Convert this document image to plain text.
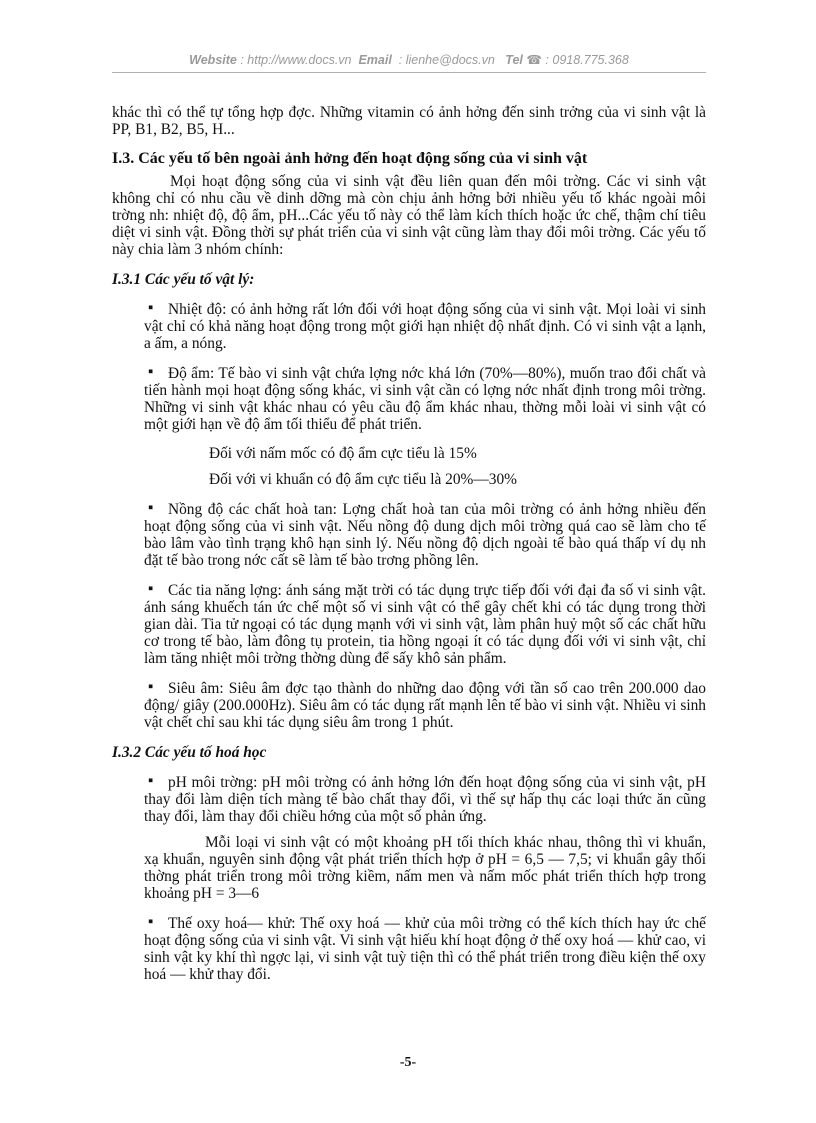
Website : http://www.docs.vn Email : lienhe@docs.vn Tel ☎ : 0918.775.368

khác thì có thể tự tổng hợp đợc. Những vitamin có ảnh hởng đến sinh trởng của vi sinh vật là PP, B1, B2, B5, H...

I.3. Các yếu tố bên ngoài ảnh hởng đến hoạt động sống của vi sinh vật

Mọi hoạt động sống của vi sinh vật đều liên quan đến môi trờng. Các vi sinh vật không chỉ có nhu cầu về dinh dỡng mà còn chịu ảnh hởng bởi nhiều yếu tố khác ngoài môi trờng nh: nhiệt độ, độ ẩm, pH...Các yếu tố này có thể làm kích thích hoặc ức chế, thậm chí tiêu diệt vi sinh vật. Đồng thời sự phát triển của vi sinh vật cũng làm thay đổi môi trờng. Các yếu tố này chia làm 3 nhóm chính:

I.3.1 Các yếu tố vật lý:

▪ Nhiệt độ: có ảnh hởng rất lớn đối với hoạt động sống của vi sinh vật. Mọi loài vi sinh vật chỉ có khả năng hoạt động trong một giới hạn nhiệt độ nhất định. Có vi sinh vật a lạnh, a ấm, a nóng.
▪ Độ ẩm: Tế bào vi sinh vật chứa lợng nớc khá lớn (70%—80%), muốn trao đổi chất và tiến hành mọi hoạt động sống khác, vi sinh vật cần có lợng nớc nhất định trong môi trờng. Những vi sinh vật khác nhau có yêu cầu độ ẩm khác nhau, thờng mỗi loài vi sinh vật có một giới hạn về độ ẩm tối thiểu để phát triển.

Đối với nấm mốc có độ ẩm cực tiểu là 15%

Đối với vi khuẩn có độ ẩm cực tiểu là 20%—30%

▪ Nồng độ các chất hoà tan: Lợng chất hoà tan của môi trờng có ảnh hởng nhiều đến hoạt động sống của vi sinh vật. Nếu nồng độ dung dịch môi trờng quá cao sẽ làm cho tế bào lâm vào tình trạng khô hạn sinh lý. Nếu nồng độ dịch ngoài tế bào quá thấp ví dụ nh đặt tế bào trong nớc cất sẽ làm tế bào trơng phồng lên.
▪ Các tia năng lợng: ánh sáng mặt trời có tác dụng trực tiếp đối với đại đa số vi sinh vật. ánh sáng khuếch tán ức chế một số vi sinh vật có thể gây chết khi có tác dụng trong thời gian dài. Tia tử ngoại có tác dụng mạnh với vi sinh vật, làm phân huỷ một số các chất hữu cơ trong tế bào, làm đông tụ protein, tia hồng ngoại ít có tác dụng đối với vi sinh vật, chỉ làm tăng nhiệt môi trờng thờng dùng để sấy khô sản phẩm.
▪ Siêu âm: Siêu âm đợc tạo thành do những dao động với tần số cao trên 200.000 dao động/ giây (200.000Hz). Siêu âm có tác dụng rất mạnh lên tế bào vi sinh vật. Nhiều vi sinh vật chết chỉ sau khi tác dụng siêu âm trong 1 phút.

I.3.2 Các yếu tố hoá học

▪ pH môi trờng: pH môi trờng có ảnh hởng lớn đến hoạt động sống của vi sinh vật, pH thay đổi làm diện tích màng tế bào chất thay đổi, vì thế sự hấp thụ các loại thức ăn cũng thay đổi, làm thay đổi chiều hớng của một số phản ứng.

Mỗi loại vi sinh vật có một khoảng pH tối thích khác nhau, thông thì vi khuẩn, xạ khuẩn, nguyên sinh động vật phát triển thích hợp ở pH = 6,5 — 7,5; vi khuẩn gây thối thờng phát triển trong môi trờng kiềm, nấm men và nấm mốc phát triển thích hợp trong khoảng pH = 3—6

▪ Thế oxy hoá— khử: Thế oxy hoá — khử của môi trờng có thể kích thích hay ức chế hoạt động sống của vi sinh vật. Vi sinh vật hiếu khí hoạt động ở thế oxy hoá — khử cao, vi sinh vật ky khí thì ngợc lại, vi sinh vật tuỳ tiện thì có thể phát triển trong điều kiện thế oxy hoá — khử thay đổi.
-5-
